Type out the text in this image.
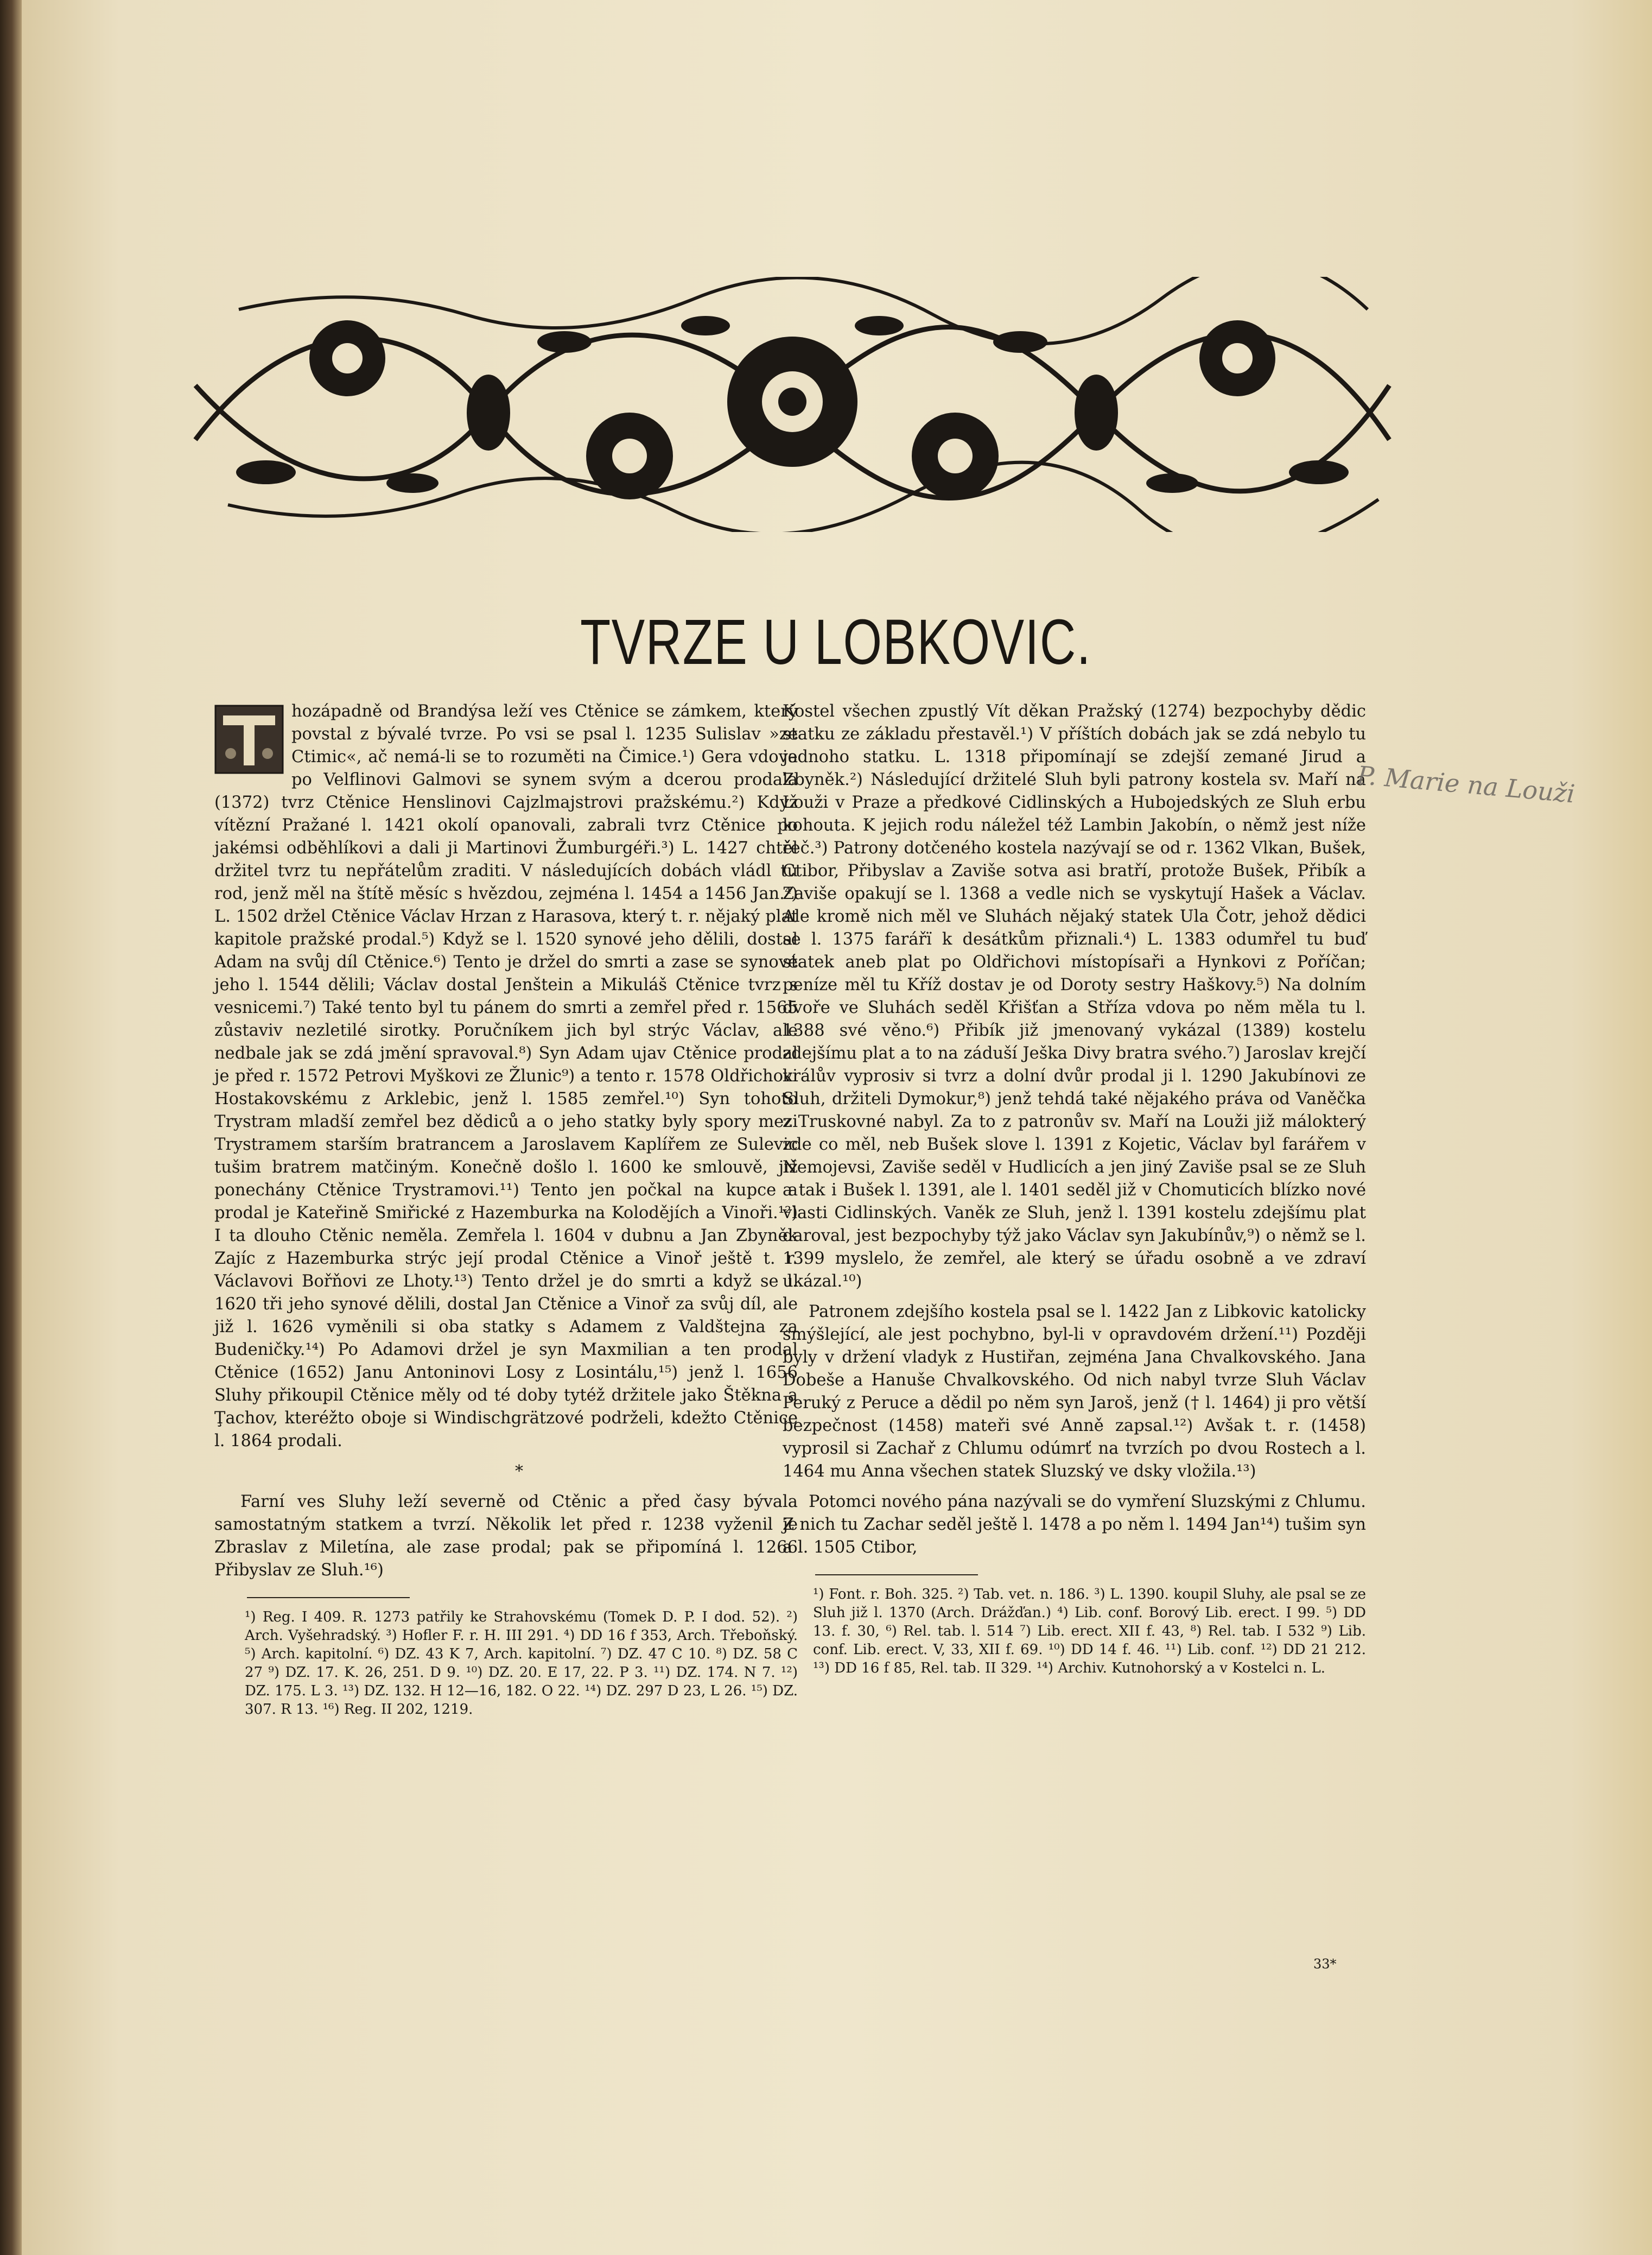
TVRZE U LOBKOVIC.

hozápadně od Brandýsa leží ves Ctěnice se zámkem, který povstal z bývalé tvrze. Po vsi se psal l. 1235 Sulislav »ze Ctimic«, ač nemá-li se to rozuměti na Čimice.¹) Gera vdova po Velflinovi Galmovi se synem svým a dcerou prodala (1372) tvrz Ctěnice Henslinovi Cajzlmajstrovi pražskému.²) Když vítězní Pražané l. 1421 okolí opanovali, zabrali tvrz Ctěnice po jakémsi odběhlíkovi a dali ji Martinovi Žumburgéři.³) L. 1427 chtěl držitel tvrz tu nepřátelům zraditi. V následujících dobách vládl tu rod, jenž měl na štítě měsíc s hvězdou, zejména l. 1454 a 1456 Jan.⁴) L. 1502 držel Ctěnice Václav Hrzan z Harasova, který t. r. nějaký plat kapitole pražské prodal.⁵) Když se l. 1520 synové jeho dělili, dostal Adam na svůj díl Ctěnice.⁶) Tento je držel do smrti a zase se synové jeho l. 1544 dělili; Václav dostal Jenštein a Mikuláš Ctěnice tvrz s vesnicemi.⁷) Také tento byl tu pánem do smrti a zemřel před r. 1565 zůstaviv nezletilé sirotky. Poručníkem jich byl strýc Václav, ale nedbale jak se zdá jmění spravoval.⁸) Syn Adam ujav Ctěnice prodal je před r. 1572 Petrovi Myškovi ze Žlunic⁹) a tento r. 1578 Oldřichovi Hostakovskému z Arklebic, jenž l. 1585 zemřel.¹⁰) Syn tohoto Trystram mladší zemřel bez dědiců a o jeho statky byly spory mezi Trystramem starším bratrancem a Jaroslavem Kaplířem ze Sulevic tušim bratrem matčiným. Konečně došlo l. 1600 ke smlouvě, již ponechány Ctěnice Trystramovi.¹¹) Tento jen počkal na kupce a prodal je Kateřině Smiřické z Hazemburka na Kolodějích a Vinoři.¹²) I ta dlouho Ctěnic neměla. Zemřela l. 1604 v dubnu a Jan Zbyněk Zajíc z Hazemburka strýc její prodal Ctěnice a Vinoř ještě t. r. Václavovi Bořňovi ze Lhoty.¹³) Tento držel je do smrti a když se l. 1620 tři jeho synové dělili, dostal Jan Ctěnice a Vinoř za svůj díl, ale již l. 1626 vyměnili si oba statky s Adamem z Valdštejna za Budeničky.¹⁴) Po Adamovi držel je syn Maxmilian a ten prodal Ctěnice (1652) Janu Antoninovi Losy z Losintálu,¹⁵) jenž l. 1656 Sluhy přikoupil Ctěnice měly od té doby tytéž držitele jako Štěkna a Ţachov, kteréžto oboje si Windischgrätzové podrželi, kdežto Ctěnice l. 1864 prodali.

*

Farní ves Sluhy leží severně od Ctěnic a před časy bývala samostatným statkem a tvrzí. Několik let před r. 1238 vyženil je Zbraslav z Miletína, ale zase prodal; pak se připomíná l. 1266 Přibyslav ze Sluh.¹⁶)

¹) Reg. I 409. R. 1273 patřily ke Strahovskému (Tomek D. P. I dod. 52). ²) Arch. Vyšehradský. ³) Hofler F. r. H. III 291. ⁴) DD 16 f 353, Arch. Třeboňský. ⁵) Arch. kapitolní. ⁶) DZ. 43 K 7, Arch. kapitolní. ⁷) DZ. 47 C 10. ⁸) DZ. 58 C 27 ⁹) DZ. 17. K. 26, 251. D 9. ¹⁰) DZ. 20. E 17, 22. P 3. ¹¹) DZ. 174. N 7. ¹²) DZ. 175. L 3. ¹³) DZ. 132. H 12—16, 182. O 22. ¹⁴) DZ. 297 D 23, L 26. ¹⁵) DZ. 307. R 13. ¹⁶) Reg. II 202, 1219.

Kostel všechen zpustlý Vít děkan Pražský (1274) bezpochyby dědic statku ze základu přestavěl.¹) V příštích dobách jak se zdá nebylo tu jednoho statku. L. 1318 připomínají se zdejší zemané Jirud a Zbyněk.²) Následující držitelé Sluh byli patrony kostela sv. Maří na Louži v Praze a předkové Cidlinských a Hubojedských ze Sluh erbu kohouta. K jejich rodu náležel též Lambin Jakobín, o němž jest níže řeč.³) Patrony dotčeného kostela nazývají se od r. 1362 Vlkan, Bušek, Ctibor, Přibyslav a Zaviše sotva asi bratří, protože Bušek, Přibík a Zaviše opakují se l. 1368 a vedle nich se vyskytují Hašek a Václav. Ale kromě nich měl ve Sluhách nějaký statek Ula Čotr, jehož dědici se l. 1375 farářï k desátkům přiznali.⁴) L. 1383 odumřel tu buď statek aneb plat po Oldřichovi místopísaři a Hynkovi z Poříčan; peníze měl tu Kříž dostav je od Doroty sestry Haškovy.⁵) Na dolním dvoře ve Sluhách seděl Křišťan a Stříza vdova po něm měla tu l. 1388 své věno.⁶) Přibík již jmenovaný vykázal (1389) kostelu zdejšímu plat a to na záduší Ješka Divy bratra svého.⁷) Jaroslav krejčí králův vyprosiv si tvrz a dolní dvůr prodal ji l. 1290 Jakubínovi ze Sluh, držiteli Dymokur,⁸) jenž tehdá také nějakého práva od Vaněčka z Truskovné nabyl. Za to z patronův sv. Maří na Louži již málokterý zde co měl, neb Bušek slove l. 1391 z Kojetic, Václav byl farářem v Nemojevsi, Zaviše seděl v Hudlicích a jen jiný Zaviše psal se ze Sluh a tak i Bušek l. 1391, ale l. 1401 seděl již v Chomuticích blízko nové vlasti Cidlinských. Vaněk ze Sluh, jenž l. 1391 kostelu zdejšímu plat daroval, jest bezpochyby týž jako Václav syn Jakubínův,⁹) o němž se l. 1399 myslelo, že zemřel, ale který se úřadu osobně a ve zdraví ukázal.¹⁰)

Patronem zdejšího kostela psal se l. 1422 Jan z Libkovic katolicky smýšlející, ale jest pochybno, byl-li v opravdovém držení.¹¹) Později byly v držení vladyk z Hustiřan, zejména Jana Chvalkovského. Jana Dobeše a Hanuše Chvalkovského. Od nich nabyl tvrze Sluh Václav Peruký z Peruce a dědil po něm syn Jaroš, jenž († l. 1464) ji pro větší bezpečnost (1458) mateři své Anně zapsal.¹²) Avšak t. r. (1458) vyprosil si Zachař z Chlumu odúmrť na tvrzích po dvou Rostech a l. 1464 mu Anna všechen statek Sluzský ve dsky vložila.¹³)

Potomci nového pána nazývali se do vymření Sluzskými z Chlumu. Z nich tu Zachar seděl ještě l. 1478 a po něm l. 1494 Jan¹⁴) tušim syn a l. 1505 Ctibor,

¹) Font. r. Boh. 325. ²) Tab. vet. n. 186. ³) L. 1390. koupil Sluhy, ale psal se ze Sluh již l. 1370 (Arch. Drážďan.) ⁴) Lib. conf. Borový Lib. erect. I 99. ⁵) DD 13. f. 30, ⁶) Rel. tab. l. 514 ⁷) Lib. erect. XII f. 43, ⁸) Rel. tab. I 532 ⁹) Lib. conf. Lib. erect. V, 33, XII f. 69. ¹⁰) DD 14 f. 46. ¹¹) Lib. conf. ¹²) DD 21 212. ¹³) DD 16 f 85, Rel. tab. II 329. ¹⁴) Archiv. Kutnohorský a v Kostelci n. L.
33*
P. Marie na Louži
